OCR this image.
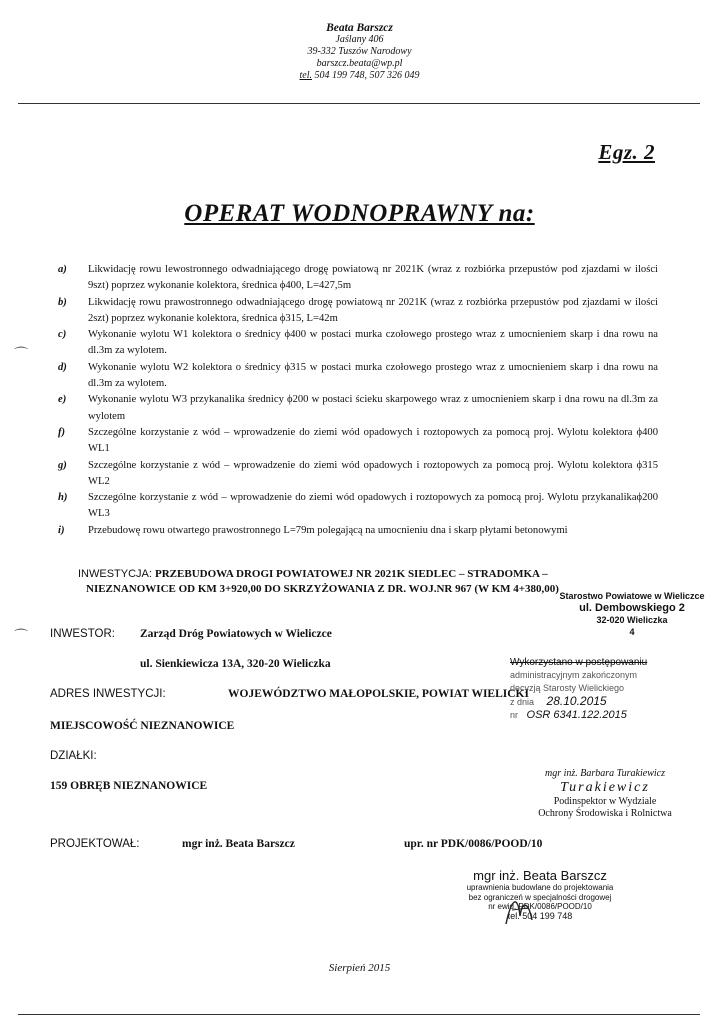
Beata Barszcz
Jaślany 406
39-332 Tuszów Narodowy
barszcz.beata@wp.pl
tel. 504 199 748, 507 326 049
Egz. 2
OPERAT WODNOPRAWNY na:
a)	Likwidację rowu lewostronnego odwadniającego drogę powiatową nr 2021K (wraz z rozbiórka przepustów pod zjazdami w ilości 9szt) poprzez wykonanie kolektora, średnica ϕ400, L=427,5m
b)	Likwidację rowu prawostronnego odwadniającego drogę powiatową nr 2021K (wraz z rozbiórka przepustów pod zjazdami w ilości 2szt) poprzez wykonanie kolektora, średnica ϕ315, L=42m
c)	Wykonanie wylotu W1 kolektora o średnicy ϕ400 w postaci murka czołowego prostego wraz z umocnieniem skarp i dna rowu na dl.3m za wylotem.
d)	Wykonanie wylotu W2 kolektora o średnicy ϕ315 w postaci murka czołowego prostego wraz z umocnieniem skarp i dna rowu na dl.3m za wylotem.
e)	Wykonanie wylotu W3 przykanalika średnicy ϕ200 w postaci ścieku skarpowego wraz z umocnieniem skarp i dna rowu na dl.3m za wylotem
f)	Szczególne korzystanie z wód – wprowadzenie do ziemi wód opadowych i roztopowych za pomocą proj. Wylotu kolektora ϕ400 WL1
g)	Szczególne korzystanie z wód – wprowadzenie do ziemi wód opadowych i roztopowych za pomocą proj. Wylotu kolektora ϕ315 WL2
h)	Szczególne korzystanie z wód – wprowadzenie do ziemi wód opadowych i roztopowych za pomocą proj. Wylotu przykanalikaϕ200 WL3
i)	Przebudowę rowu otwartego prawostronnego L=79m polegającą na umocnieniu dna i skarp płytami betonowymi
⌒
⌒
INWESTYCJA: PRZEBUDOWA DROGI POWIATOWEJ NR 2021K SIEDLEC – STRADOMKA –
NIEZNANOWICE OD KM 3+920,00 DO SKRZYŻOWANIA Z DR. WOJ.NR 967 (W KM 4+380,00)
Starostwo Powiatowe w Wieliczce
ul. Dembowskiego 2
32-020 Wieliczka
4
INWESTOR: Zarząd Dróg Powiatowych w Wieliczce
ul. Sienkiewicza 13A, 320-20 Wieliczka	Wykorzystano w postępowaniu
administracyjnym zakończonym
decyzją Starosty Wielickiego
z dnia 28.10.2015
nr OSR 6341.122.2015
ADRES INWESTYCJI:	WOJEWÓDZTWO MAŁOPOLSKIE, POWIAT WIELICKI
MIEJSCOWOŚĆ NIEZNANOWICE
DZIAŁKI:
159 OBRĘB NIEZNANOWICE
mgr inż. Barbara Turakiewicz
Turakiewicz
Podinspektor w Wydziale
Ochrony Środowiska i Rolnictwa
PROJEKTOWAŁ:	mgr inż. Beata Barszcz	upr. nr PDK/0086/POOD/10
mgr inż. Beata Barszcz
uprawnienia budowlane do projektowania
bez ograniczeń w specjalności drogowej
nr ewid. PDK/0086/POOD/10
tel. 504 199 748
Sierpień 2015
